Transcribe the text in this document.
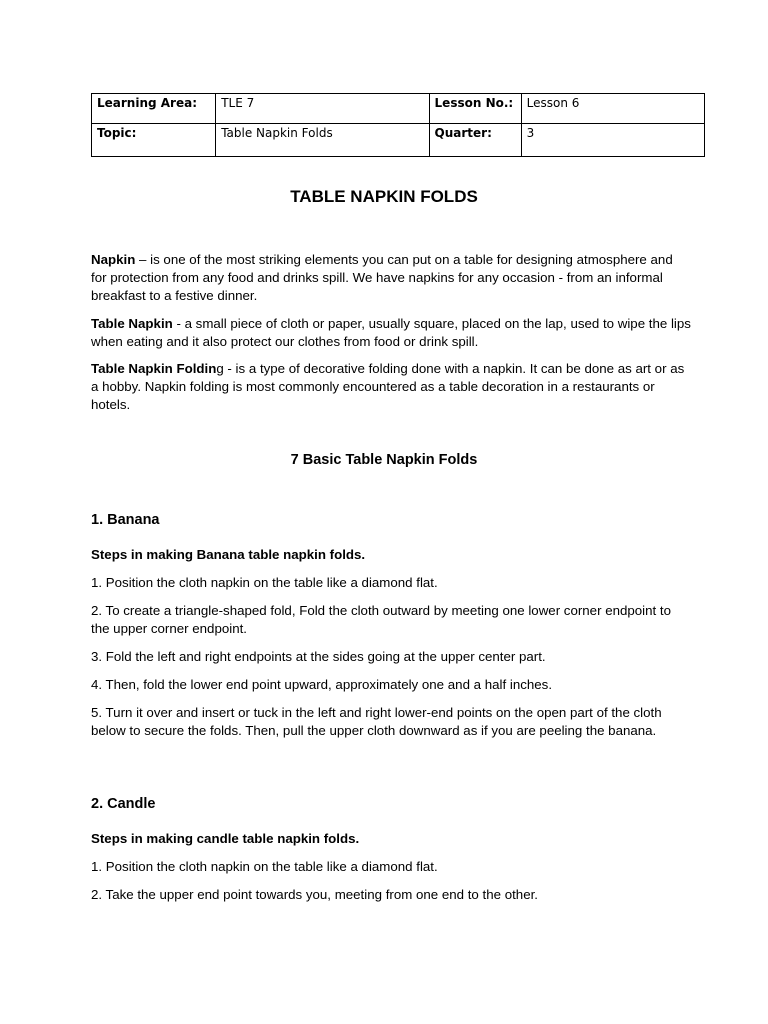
Learning Area:	TLE 7	Lesson No.:	Lesson 6
Topic:	Table Napkin Folds	Quarter:	3
TABLE NAPKIN FOLDS

Napkin – is one of the most striking elements you can put on a table for designing atmosphere and for protection from any food and drinks spill. We have napkins for any occasion - from an informal breakfast to a festive dinner.

Table Napkin - a small piece of cloth or paper, usually square, placed on the lap, used to wipe the lips when eating and it also protect our clothes from food or drink spill.

Table Napkin Folding - is a type of decorative folding done with a napkin. It can be done as art or as a hobby. Napkin folding is most commonly encountered as a table decoration in a restaurants or hotels.

7 Basic Table Napkin Folds
1. Banana

Steps in making Banana table napkin folds.

1. Position the cloth napkin on the table like a diamond flat.

2. To create a triangle-shaped fold, Fold the cloth outward by meeting one lower corner endpoint to the upper corner endpoint.

3. Fold the left and right endpoints at the sides going at the upper center part.

4. Then, fold the lower end point upward, approximately one and a half inches.

5. Turn it over and insert or tuck in the left and right lower-end points on the open part of the cloth below to secure the folds. Then, pull the upper cloth downward as if you are peeling the banana.

2. Candle

Steps in making candle table napkin folds.

1. Position the cloth napkin on the table like a diamond flat.

2. Take the upper end point towards you, meeting from one end to the other.
